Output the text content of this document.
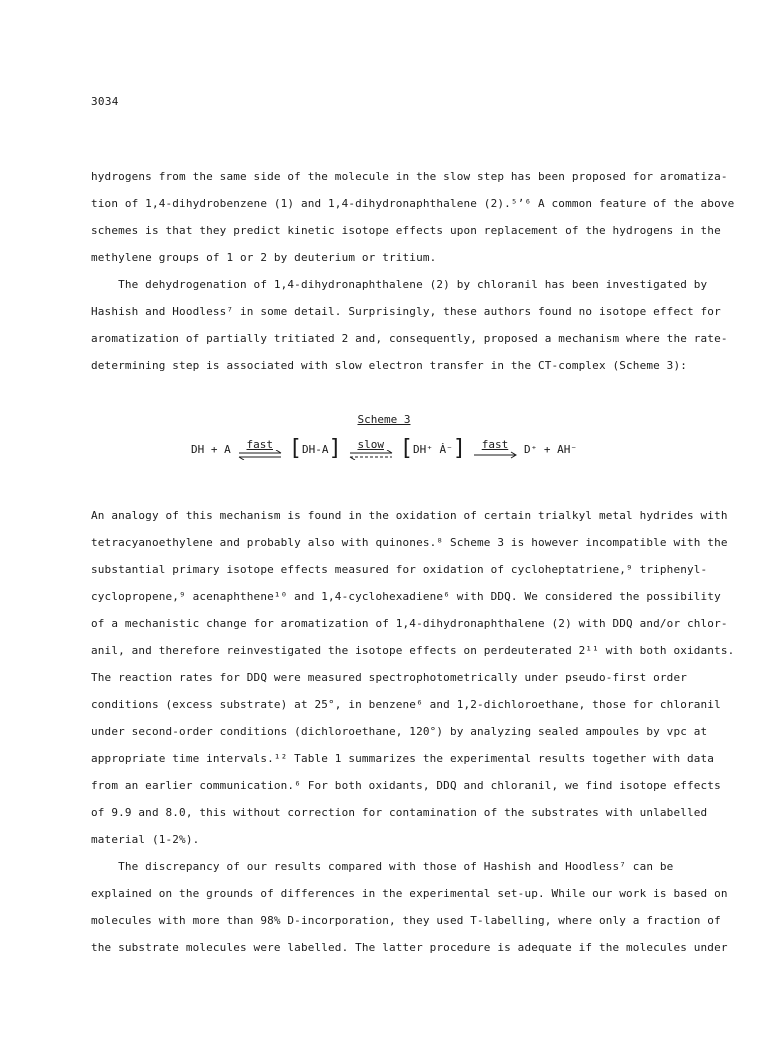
3034
hydrogens from the same side of the molecule in the slow step has been proposed for aromatiza-
tion of 1,4-dihydrobenzene (1) and 1,4-dihydronaphthalene (2).⁵ʼ⁶ A common feature of the above
schemes is that they predict kinetic isotope effects upon replacement of the hydrogens in the
methylene groups of 1 or 2 by deuterium or tritium.
The dehydrogenation of 1,4-dihydronaphthalene (2) by chloranil has been investigated by
Hashish and Hoodless⁷ in some detail. Surprisingly, these authors found no isotope effect for
aromatization of partially tritiated 2 and, consequently, proposed a mechanism where the rate-
determining step is associated with slow electron transfer in the CT-complex (Scheme 3):
Scheme 3
DH + A fast [ DH-A ] slow [ DH⁺ Ȧ⁻ ] fast D⁺ + AH⁻
An analogy of this mechanism is found in the oxidation of certain trialkyl metal hydrides with
tetracyanoethylene and probably also with quinones.⁸ Scheme 3 is however incompatible with the
substantial primary isotope effects measured for oxidation of cycloheptatriene,⁹ triphenyl-
cyclopropene,⁹ acenaphthene¹⁰ and 1,4-cyclohexadiene⁶ with DDQ. We considered the possibility
of a mechanistic change for aromatization of 1,4-dihydronaphthalene (2) with DDQ and/or chlor-
anil, and therefore reinvestigated the isotope effects on perdeuterated 2¹¹ with both oxidants.
The reaction rates for DDQ were measured spectrophotometrically under pseudo-first order
conditions (excess substrate) at 25°, in benzene⁶ and 1,2-dichloroethane, those for chloranil
under second-order conditions (dichloroethane, 120°) by analyzing sealed ampoules by vpc at
appropriate time intervals.¹² Table 1 summarizes the experimental results together with data
from an earlier communication.⁶ For both oxidants, DDQ and chloranil, we find isotope effects
of 9.9 and 8.0, this without correction for contamination of the substrates with unlabelled
material (1-2%).
The discrepancy of our results compared with those of Hashish and Hoodless⁷ can be
explained on the grounds of differences in the experimental set-up. While our work is based on
molecules with more than 98% D-incorporation, they used T-labelling, where only a fraction of
the substrate molecules were labelled. The latter procedure is adequate if the molecules under
